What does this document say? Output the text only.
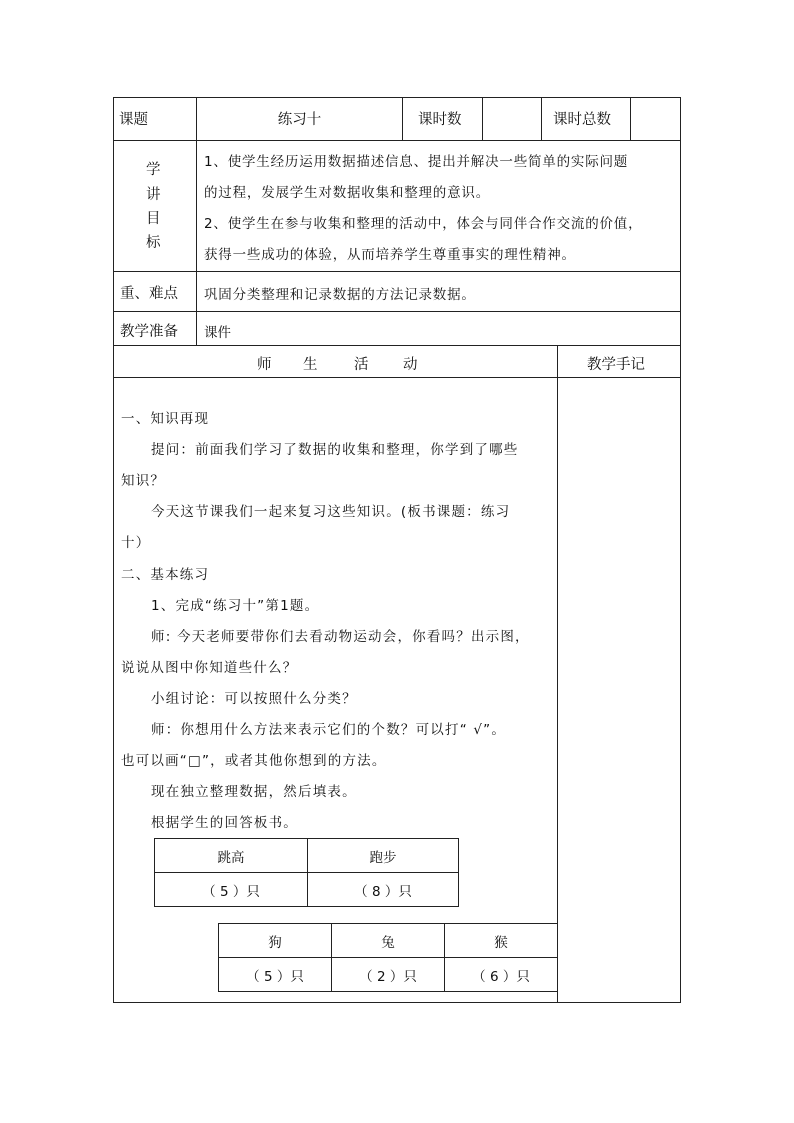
课题	练习十	课时数	课时总数
学
讲
目
标
1、使学生经历运用数据描述信息、提出并解决一些简单的实际问题
的过程，发展学生对数据收集和整理的意识。
2、使学生在参与收集和整理的活动中，体会与同伴合作交流的价值，
获得一些成功的体验，从而培养学生尊重事实的理性精神。
重、难点 巩固分类整理和记录数据的方法记录数据。
教学准备 课件
师 生	活 动	教学手记
一、知识再现
提问：前面我们学习了数据的收集和整理，你学到了哪些
知识？
今天这节课我们一起来复习这些知识。(板书课题：练习
十）
二、基本练习
1、完成“练习十”第1题。
师: 今天老师要带你们去看动物运动会，你看吗？出示图，
说说从图中你知道些什么？
小组讨论：可以按照什么分类？
师：你想用什么方法来表示它们的个数？可以打“ √”。
也可以画“□”，或者其他你想到的方法。
现在独立整理数据，然后填表。
根据学生的回答板书。
跳高	跑步
（ 5 ）只	（ 8 ）只
狗	兔	猴
（ 5 ）只	（ 2 ）只	（ 6 ）只
